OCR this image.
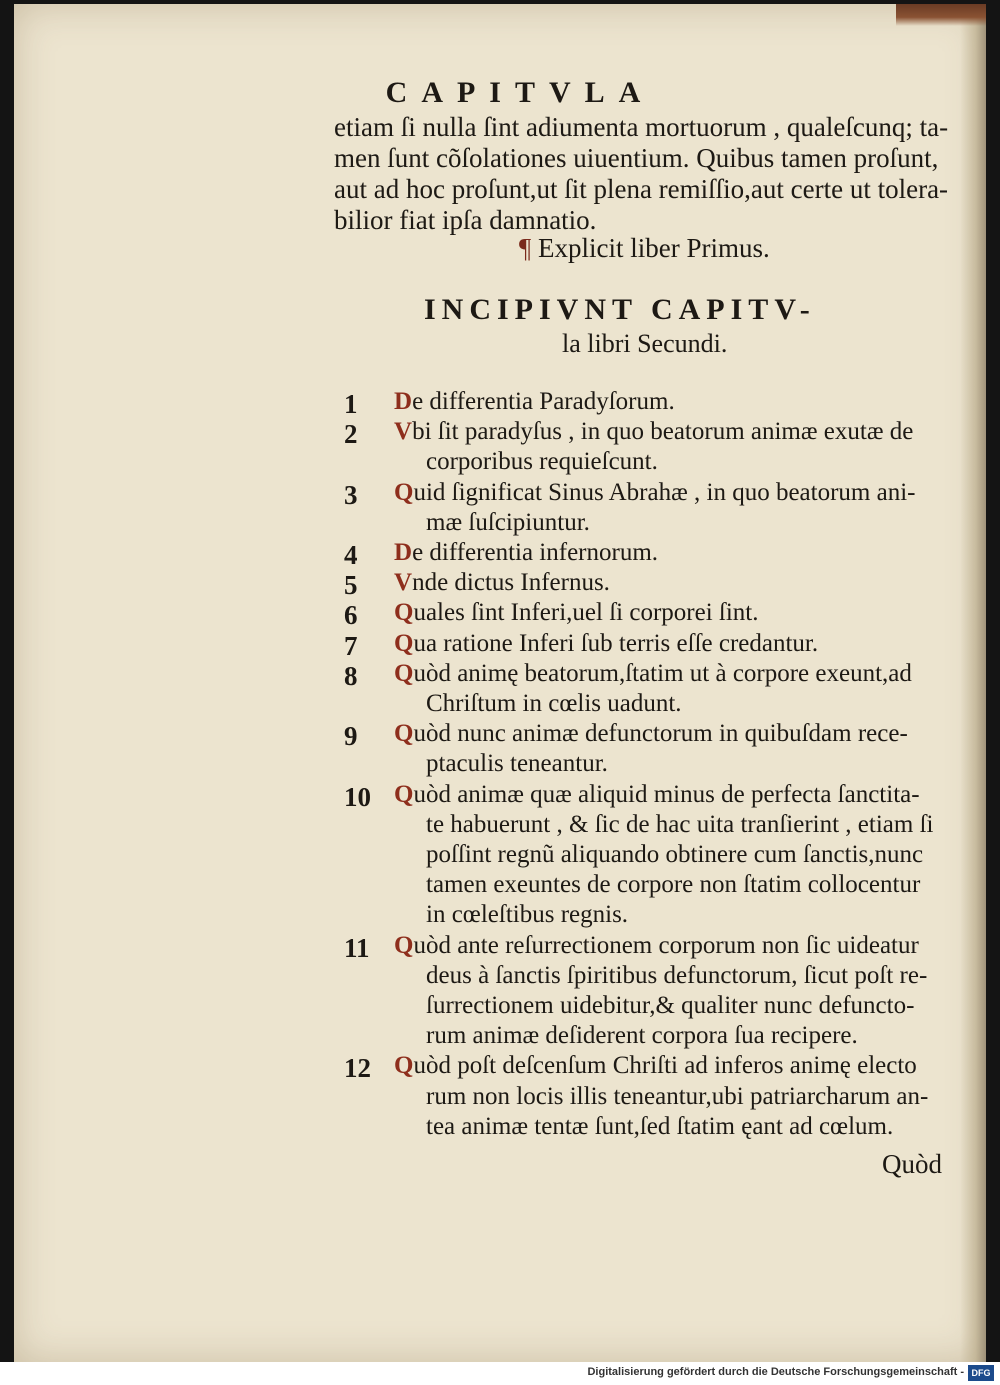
CAPITVLA
etiam ſi nulla ſint adiumenta mortuorum , qualeſcunq; ta-
men ſunt cõſolationes uiuentium. Quibus tamen proſunt,
aut ad hoc proſunt,ut ſit plena remiſſio,aut certe ut tolera-
bilior fiat ipſa damnatio.
¶ Explicit liber Primus.
INCIPIVNT CAPITV-
la libri Secundi.
1	De differentia Paradyſorum.
2	Vbi ſit paradyſus , in quo beatorum animæ exutæ de
corporibus requieſcunt.
3	Quid ſignificat Sinus Abrahæ , in quo beatorum ani-
mæ ſuſcipiuntur.
4	De differentia infernorum.
5	Vnde dictus Infernus.
6	Quales ſint Inferi,uel ſi corporei ſint.
7	Qua ratione Inferi ſub terris eſſe credantur.
8	Quòd animę beatorum,ſtatim ut à corpore exeunt,ad
Chriſtum in cœlis uadunt.
9	Quòd nunc animæ defunctorum in quibuſdam rece-
ptaculis teneantur.
10 Quòd animæ quæ aliquid minus de perfecta ſanctita-
te habuerunt , & ſic de hac uita tranſierint , etiam ſi
poſſint regnũ aliquando obtinere cum ſanctis,nunc
tamen exeuntes de corpore non ſtatim collocentur
in cœleſtibus regnis.
11 Quòd ante reſurrectionem corporum non ſic uideatur
deus à ſanctis ſpiritibus defunctorum, ſicut poſt re-
ſurrectionem uidebitur,& qualiter nunc defuncto-
rum animæ deſiderent corpora ſua recipere.
12 Quòd poſt deſcenſum Chriſti ad inferos animę electo
rum non locis illis teneantur,ubi patriarcharum an-
tea animæ tentæ ſunt,ſed ſtatim ęant ad cœlum.
Quòd
Digitalisierung gefördert durch die Deutsche Forschungsgemeinschaft - DFG
